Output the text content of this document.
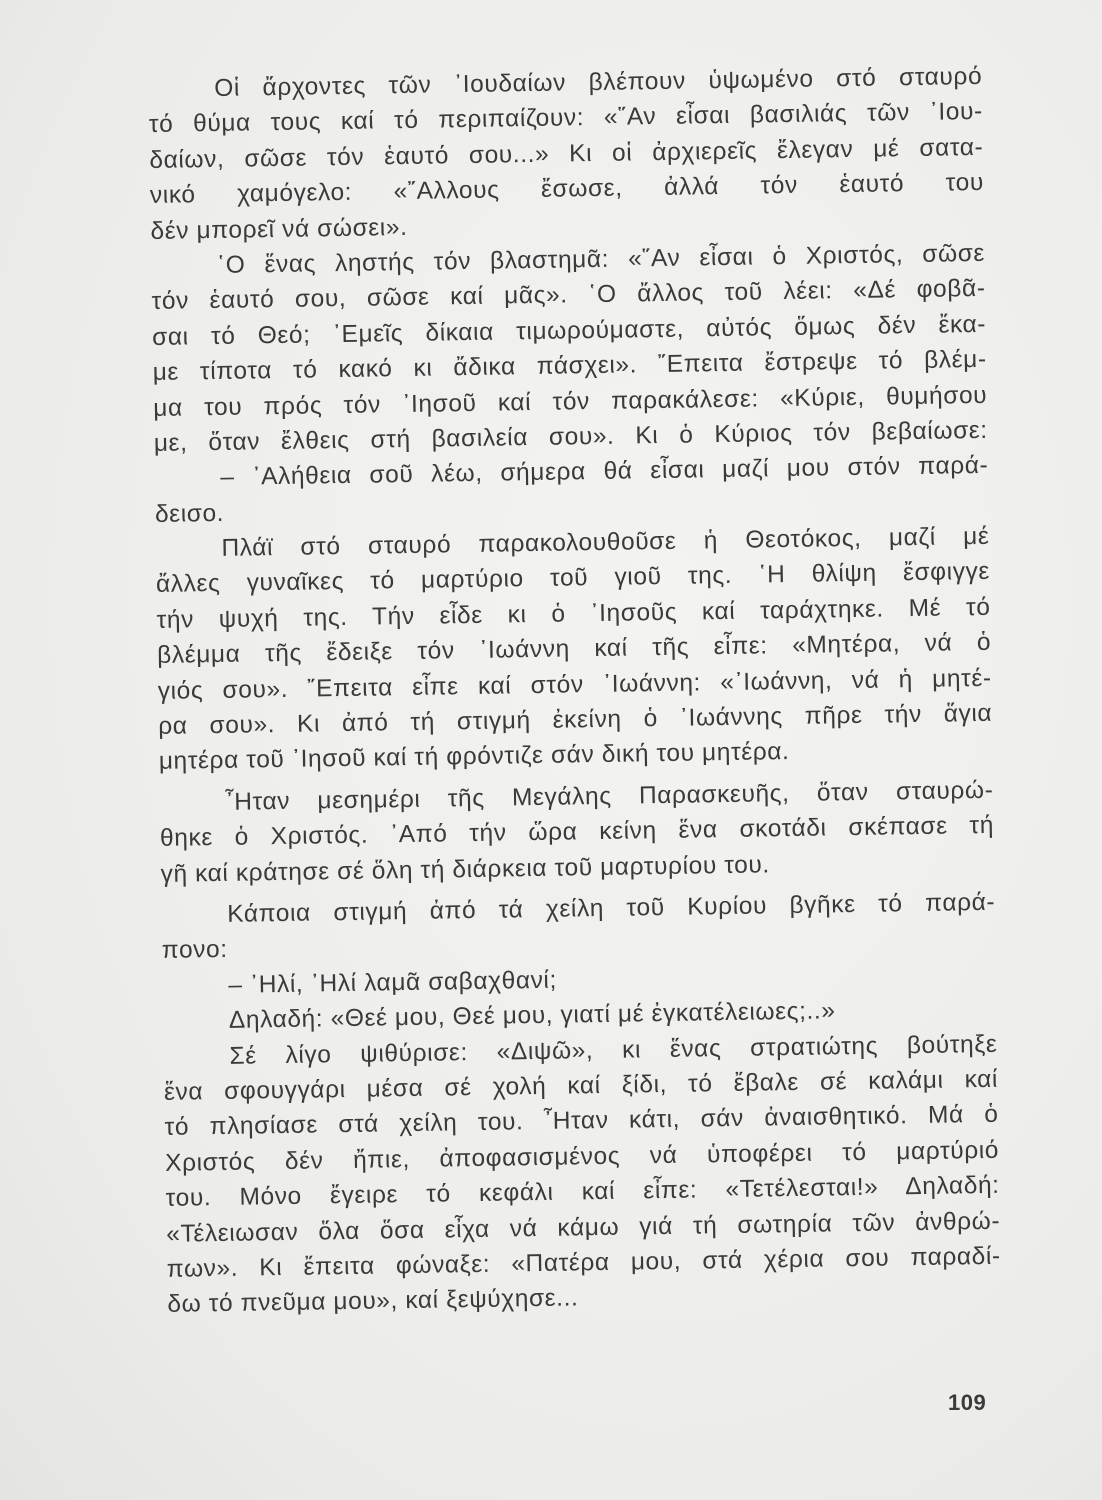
Οἱ ἄρχοντες τῶν ᾿Ιουδαίων βλέπουν ὑψωμένο στό σταυρό
τό θύμα τους καί τό περιπαίζουν: «῞Αν εἶσαι βασιλιάς τῶν ᾿Ιου-
δαίων, σῶσε τόν ἑαυτό σου...» Κι οἱ ἀρχιερεῖς ἔλεγαν μέ σατα-
νικό χαμόγελο: «῎Αλλους ἔσωσε, ἀλλά τόν ἑαυτό του
δέν μπορεῖ νά σώσει».
῾Ο ἕνας ληστής τόν βλαστημᾶ: «῞Αν εἶσαι ὁ Χριστός, σῶσε
τόν ἑαυτό σου, σῶσε καί μᾶς». ῾Ο ἄλλος τοῦ λέει: «Δέ φοβᾶ-
σαι τό Θεό; ᾿Εμεῖς δίκαια τιμωρούμαστε, αὐτός ὅμως δέν ἔκα-
με τίποτα τό κακό κι ἄδικα πάσχει». ῎Επειτα ἔστρεψε τό βλέμ-
μα του πρός τόν ᾿Ιησοῦ καί τόν παρακάλεσε: «Κύριε, θυμήσου
με, ὅταν ἔλθεις στή βασιλεία σου». Κι ὁ Κύριος τόν βεβαίωσε:
– ᾿Αλήθεια σοῦ λέω, σήμερα θά εἶσαι μαζί μου στόν παρά-
δεισο.
Πλάϊ στό σταυρό παρακολουθοῦσε ἡ Θεοτόκος, μαζί μέ
ἄλλες γυναῖκες τό μαρτύριο τοῦ γιοῦ της. ῾Η θλίψη ἔσφιγγε
τήν ψυχή της. Τήν εἶδε κι ὁ ᾿Ιησοῦς καί ταράχτηκε. Μέ τό
βλέμμα τῆς ἔδειξε τόν ᾿Ιωάννη καί τῆς εἶπε: «Μητέρα, νά ὁ
γιός σου». ῎Επειτα εἶπε καί στόν ᾿Ιωάννη: «᾿Ιωάννη, νά ἡ μητέ-
ρα σου». Κι ἀπό τή στιγμή ἐκείνη ὁ ᾿Ιωάννης πῆρε τήν ἅγια
μητέρα τοῦ ᾿Ιησοῦ καί τή φρόντιζε σάν δική του μητέρα.
῏Ηταν μεσημέρι τῆς Μεγάλης Παρασκευῆς, ὅταν σταυρώ-
θηκε ὁ Χριστός. ᾿Από τήν ὥρα κείνη ἕνα σκοτάδι σκέπασε τή
γῆ καί κράτησε σέ ὅλη τή διάρκεια τοῦ μαρτυρίου του.
Κάποια στιγμή ἀπό τά χείλη τοῦ Κυρίου βγῆκε τό παρά-
πονο:
– ᾿Ηλί, ᾿Ηλί λαμᾶ σαβαχθανί;
Δηλαδή: «Θεέ μου, Θεέ μου, γιατί μέ ἐγκατέλειωες;..»
Σέ λίγο ψιθύρισε: «Διψῶ», κι ἕνας στρατιώτης βούτηξε
ἕνα σφουγγάρι μέσα σέ χολή καί ξίδι, τό ἔβαλε σέ καλάμι καί
τό πλησίασε στά χείλη του. ῏Ηταν κάτι, σάν ἀναισθητικό. Μά ὁ
Χριστός δέν ἤπιε, ἀποφασισμένος νά ὑποφέρει τό μαρτύριό
του. Μόνο ἔγειρε τό κεφάλι καί εἶπε: «Τετέλεσται!» Δηλαδή:
«Τέλειωσαν ὅλα ὅσα εἶχα νά κάμω γιά τή σωτηρία τῶν ἀνθρώ-
πων». Κι ἔπειτα φώναξε: «Πατέρα μου, στά χέρια σου παραδί-
δω τό πνεῦμα μου», καί ξεψύχησε...
109
